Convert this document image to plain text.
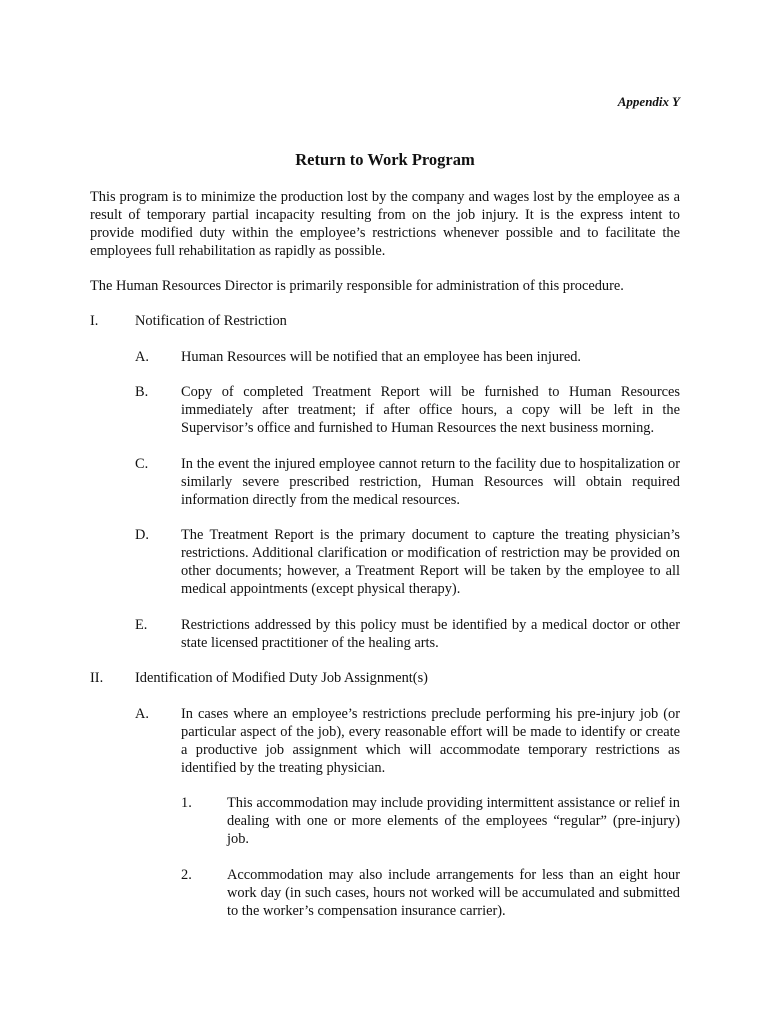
Appendix Y
Return to Work Program
This program is to minimize the production lost by the company and wages lost by the employee as a result of temporary partial incapacity resulting from on the job injury. It is the express intent to provide modified duty within the employee’s restrictions whenever possible and to facilitate the employees full rehabilitation as rapidly as possible.
The Human Resources Director is primarily responsible for administration of this procedure.
I.	Notification of Restriction
A. Human Resources will be notified that an employee has been injured.
B. Copy of completed Treatment Report will be furnished to Human Resources immediately after treatment; if after office hours, a copy will be left in the Supervisor’s office and furnished to Human Resources the next business morning.
C. In the event the injured employee cannot return to the facility due to hospitalization or similarly severe prescribed restriction, Human Resources will obtain required information directly from the medical resources.
D. The Treatment Report is the primary document to capture the treating physician’s restrictions. Additional clarification or modification of restriction may be provided on other documents; however, a Treatment Report will be taken by the employee to all medical appointments (except physical therapy).
E. Restrictions addressed by this policy must be identified by a medical doctor or other state licensed practitioner of the healing arts.
II. Identification of Modified Duty Job Assignment(s)
A. In cases where an employee’s restrictions preclude performing his pre-injury job (or particular aspect of the job), every reasonable effort will be made to identify or create a productive job assignment which will accommodate temporary restrictions as identified by the treating physician.
1. This accommodation may include providing intermittent assistance or relief in dealing with one or more elements of the employees “regular” (pre-injury) job.
2. Accommodation may also include arrangements for less than an eight hour work day (in such cases, hours not worked will be accumulated and submitted to the worker’s compensation insurance carrier).
